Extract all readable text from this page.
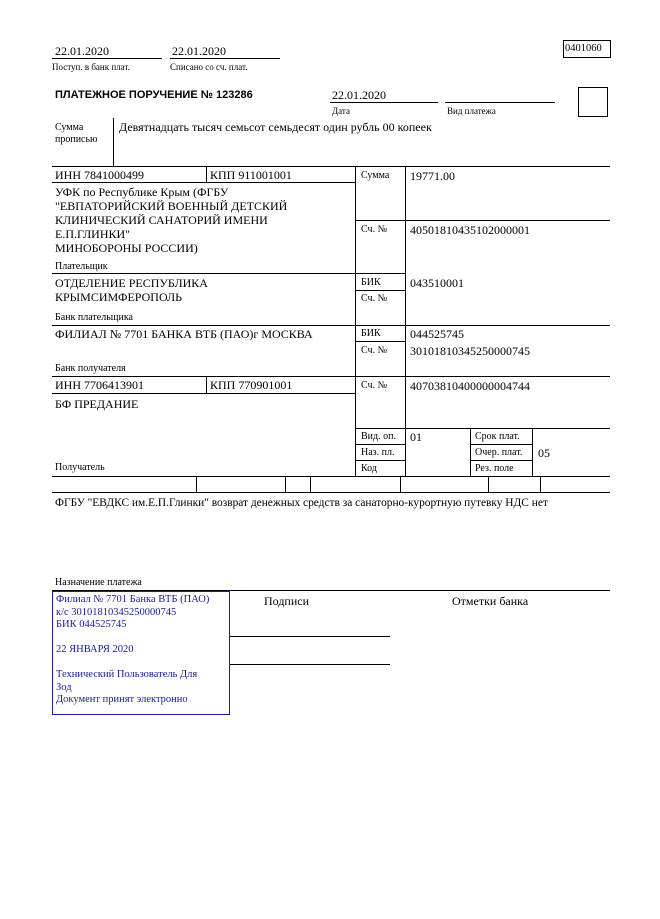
22.01.2020
Поступ. в банк плат.
22.01.2020
Списано со сч. плат.
0401060
ПЛАТЕЖНОЕ ПОРУЧЕНИЕ № 123286	22.01.2020
Дата	Вид платежа
Сумма
прописью
Девятнадцать тысяч семьсот семьдесят один рубль 00 копеек
ИНН 7841000499	КПП 911001001
УФК по Республике Крым (ФГБУ
"ЕВПАТОРИЙСКИЙ ВОЕННЫЙ ДЕТСКИЙ
КЛИНИЧЕСКИЙ САНАТОРИЙ ИМЕНИ
Е.П.ГЛИНКИ"
МИНОБОРОНЫ РОССИИ)
Плательщик
Сумма 19771.00
Сч. № 40501810435102000001
ОТДЕЛЕНИЕ РЕСПУБЛИКА
КРЫМСИМФЕРОПОЛЬ
Банк плательщика
БИК 043510001
Сч. №
ФИЛИАЛ № 7701 БАНКА ВТБ (ПАО)г МОСКВА
Банк получателя
БИК 044525745
Сч. № 30101810345250000745
ИНН 7706413901	КПП 770901001
БФ ПРЕДАНИЕ
Получатель
Сч. № 40703810400000004744
Вид. оп. 01
Наз. пл.
Код
Срок плат.
Очер. плат. 05
Рез. поле
ФГБУ "ЕВДКС им.Е.П.Глинки" возврат денежных средств за санаторно-курортную путевку НДС нет
Назначение платежа
Подписи	Отметки банка
Филиал № 7701 Банка ВТБ (ПАО)
к/с 30101810345250000745
БИК 044525745
22 ЯНВАРЯ 2020
Технический Пользователь Для
Зод
Документ принят электронно
